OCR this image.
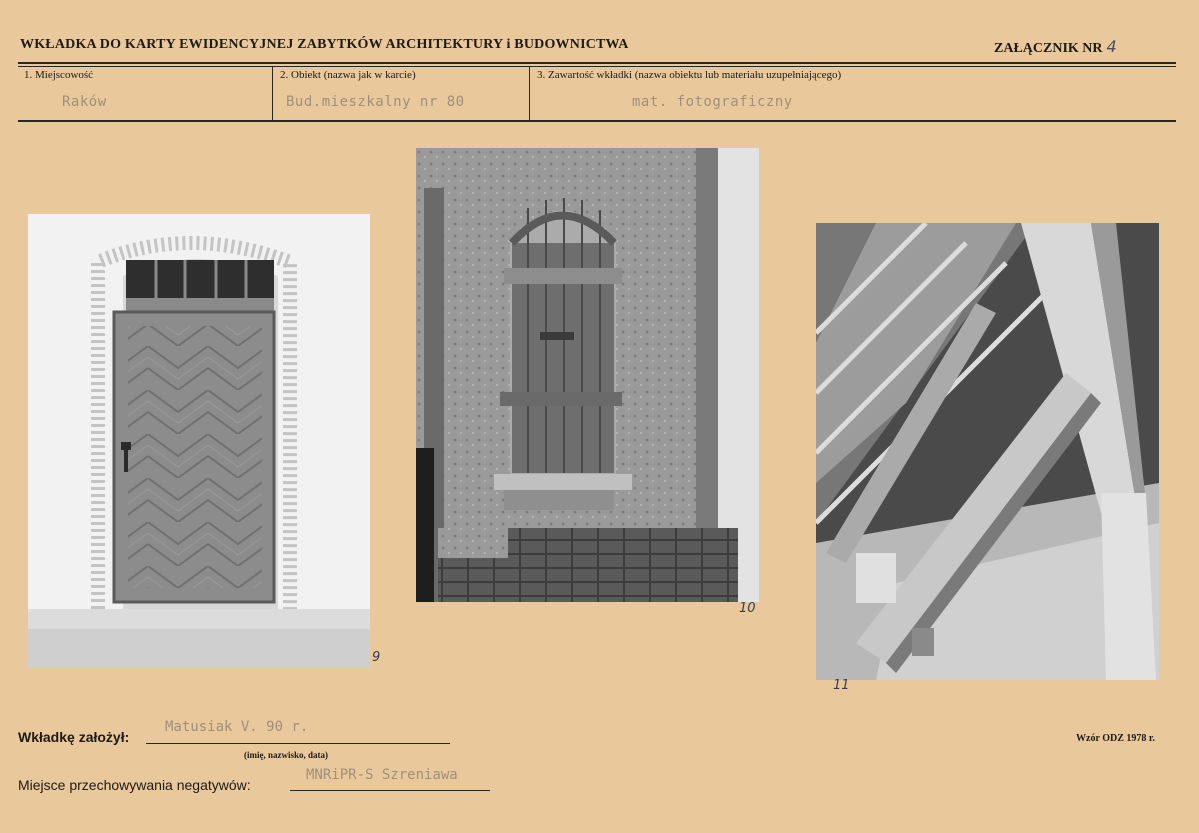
WKŁADKA DO KARTY EWIDENCYJNEJ ZABYTKÓW ARCHITEKTURY i BUDOWNICTWA	ZAŁĄCZNIK NR 4
1. Miejscowość
Raków
2. Obiekt (nazwa jak w karcie)
Bud.mieszkalny nr 80
3. Zawartość wkładki (nazwa obiektu lub materiału uzupełniającego)
mat. fotograficzny
9
10
11
Wkładkę założył:
Matusiak V. 90 r.
(imię, nazwisko, data)
Miejsce przechowywania negatywów:
MNRiPR-S Szreniawa
Wzór ODZ 1978 r.
